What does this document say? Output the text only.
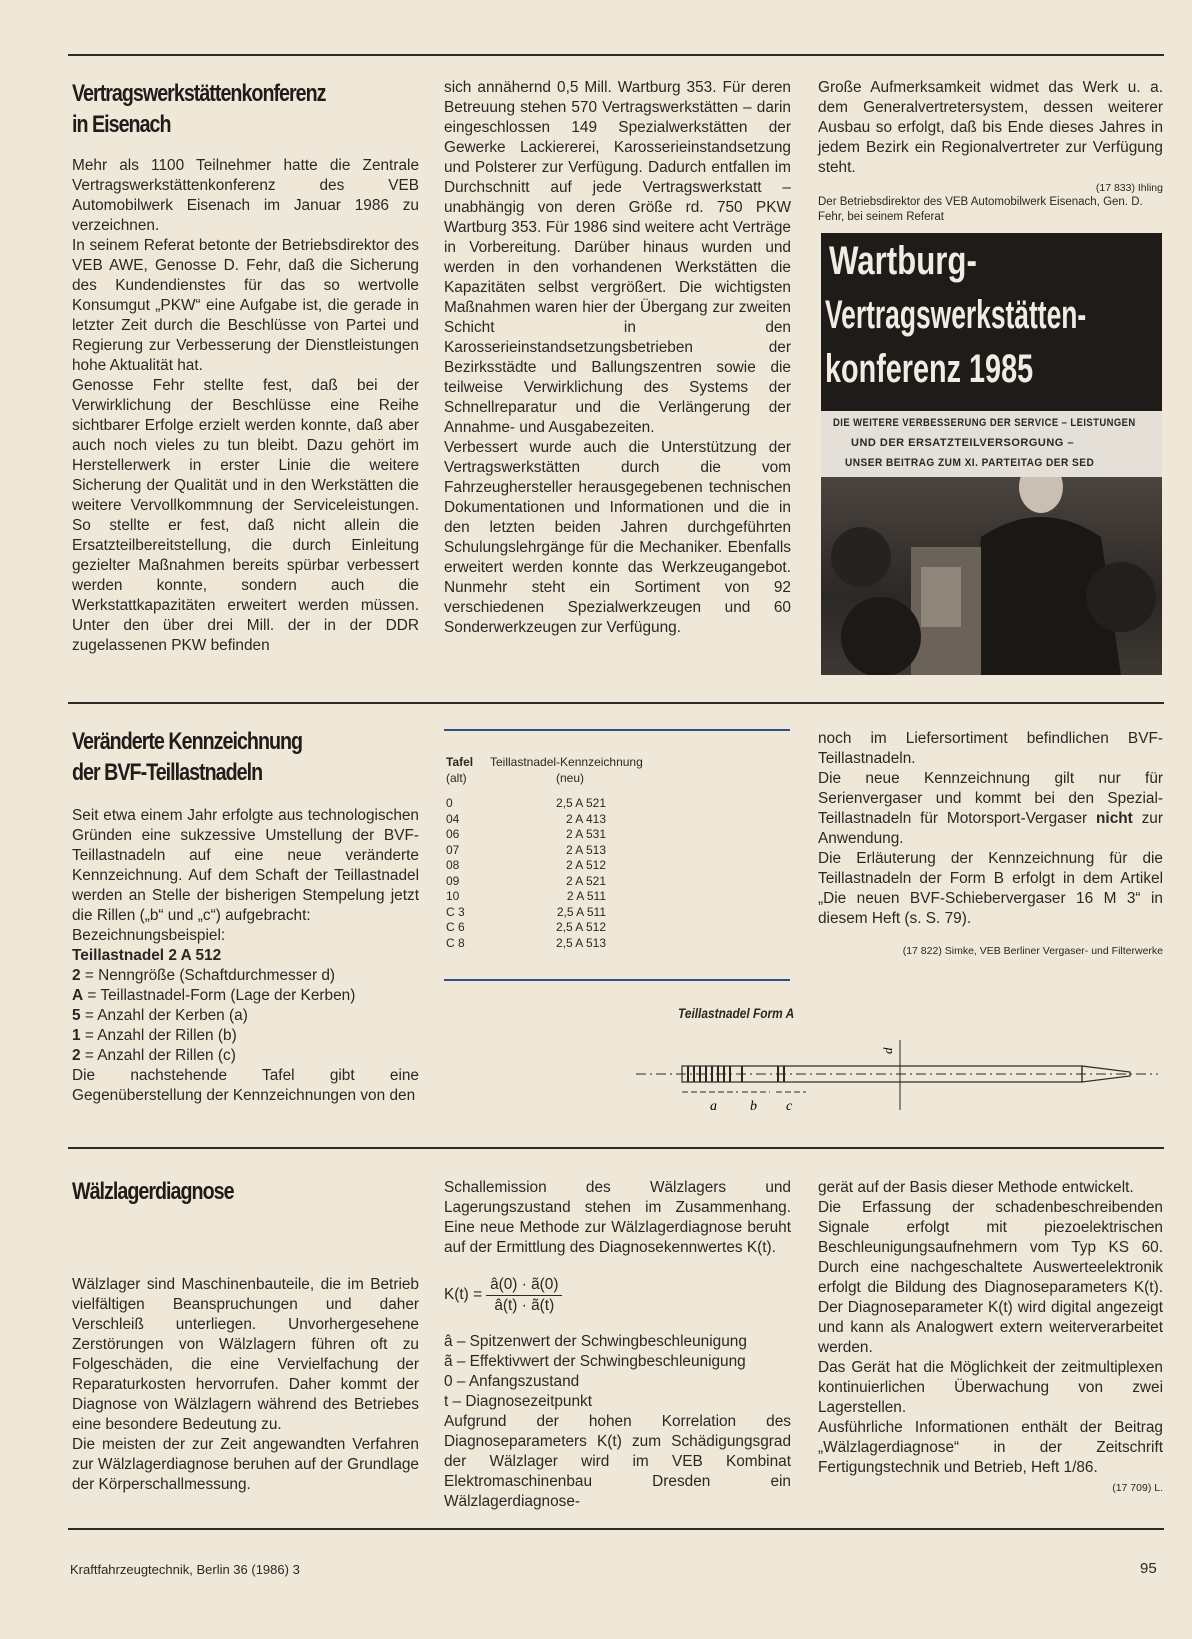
Vertragswerkstättenkonferenz
in Eisenach

Mehr als 1100 Teilnehmer hatte die Zentrale Vertragswerkstättenkonferenz des VEB Automobilwerk Eisenach im Januar 1986 zu verzeichnen.

In seinem Referat betonte der Betriebsdirektor des VEB AWE, Genosse D. Fehr, daß die Sicherung des Kundendienstes für das so wertvolle Konsumgut „PKW“ eine Aufgabe ist, die gerade in letzter Zeit durch die Beschlüsse von Partei und Regierung zur Verbesserung der Dienstleistungen hohe Aktualität hat.

Genosse Fehr stellte fest, daß bei der Verwirklichung der Beschlüsse eine Reihe sichtbarer Erfolge erzielt werden konnte, daß aber auch noch vieles zu tun bleibt. Dazu gehört im Herstellerwerk in erster Linie die weitere Sicherung der Qualität und in den Werkstätten die weitere Vervollkommnung der Serviceleistungen. So stellte er fest, daß nicht allein die Ersatzteilbereitstellung, die durch Einleitung gezielter Maßnahmen bereits spürbar verbessert werden konnte, sondern auch die Werkstattkapazitäten erweitert werden müssen. Unter den über drei Mill. der in der DDR zugelassenen PKW befinden

sich annähernd 0,5 Mill. Wartburg 353. Für deren Betreuung stehen 570 Vertragswerkstätten – darin eingeschlossen 149 Spezialwerkstätten der Gewerke Lackiererei, Karosserieinstandsetzung und Polsterer zur Verfügung. Dadurch entfallen im Durchschnitt auf jede Vertragswerkstatt – unabhängig von deren Größe rd. 750 PKW Wartburg 353. Für 1986 sind weitere acht Verträge in Vorbereitung. Darüber hinaus wurden und werden in den vorhandenen Werkstätten die Kapazitäten selbst vergrößert. Die wichtigsten Maßnahmen waren hier der Übergang zur zweiten Schicht in den Karosserieinstandsetzungsbetrieben der Bezirksstädte und Ballungszentren sowie die teilweise Verwirklichung des Systems der Schnellreparatur und die Verlängerung der Annahme- und Ausgabezeiten.

Verbessert wurde auch die Unterstützung der Vertragswerkstätten durch die vom Fahrzeughersteller herausgegebenen technischen Dokumentationen und Informationen und die in den letzten beiden Jahren durchgeführten Schulungslehrgänge für die Mechaniker. Ebenfalls erweitert werden konnte das Werkzeugangebot. Nunmehr steht ein Sortiment von 92 verschiedenen Spezialwerkzeugen und 60 Sonderwerkzeugen zur Verfügung.

Große Aufmerksamkeit widmet das Werk u. a. dem Generalvertretersystem, dessen weiterer Ausbau so erfolgt, daß bis Ende dieses Jahres in jedem Bezirk ein Regionalvertreter zur Verfügung steht.

(17 833) Ihling
Der Betriebsdirektor des VEB Automobilwerk Eisenach, Gen. D. Fehr, bei seinem Referat
Wartburg-
Vertragswerkstätten-
konferenz 1985
DIE WEITERE VERBESSERUNG DER SERVICE – LEISTUNGEN
UND DER ERSATZTEILVERSORGUNG –
UNSER BEITRAG ZUM XI. PARTEITAG DER SED
Veränderte Kennzeichnung
der BVF-Teillastnadeln

Seit etwa einem Jahr erfolgte aus technologischen Gründen eine sukzessive Umstellung der BVF-Teillastnadeln auf eine neue veränderte Kennzeichnung. Auf dem Schaft der Teillastnadel werden an Stelle der bisherigen Stempelung jetzt die Rillen („b“ und „c“) aufgebracht:

Bezeichnungsbeispiel:

Teillastnadel 2 A 512

2 = Nenngröße (Schaftdurchmesser d)
A = Teillastnadel-Form (Lage der Kerben)
5 = Anzahl der Kerben (a)
1 = Anzahl der Rillen (b)
2 = Anzahl der Rillen (c)

Die nachstehende Tafel gibt eine Gegenüberstellung der Kennzeichnungen von den

Tafel	Teillastnadel-Kennzeichnung
(alt)	(neu)

0	2,5 A 521
04	2 A 413
06	2 A 531
07	2 A 513
08	2 A 512
09	2 A 521
10	2 A 511
C 3	2,5 A 511
C 6	2,5 A 512
C 8	2,5 A 513

noch im Liefersortiment befindlichen BVF-Teillastnadeln.

Die neue Kennzeichnung gilt nur für Serienvergaser und kommt bei den Spezial-Teillastnadeln für Motorsport-Vergaser nicht zur Anwendung.

Die Erläuterung der Kennzeichnung für die Teillastnadeln der Form B erfolgt in dem Artikel „Die neuen BVF-Schiebervergaser 16 M 3“ in diesem Heft (s. S. 79).

(17 822) Simke, VEB Berliner Vergaser- und Filterwerke
Teillastnadel Form A
d
a b c
Wälzlagerdiagnose

Wälzlager sind Maschinenbauteile, die im Betrieb vielfältigen Beanspruchungen und daher Verschleiß unterliegen. Unvorhergesehene Zerstörungen von Wälzlagern führen oft zu Folgeschäden, die eine Vervielfachung der Reparaturkosten hervorrufen. Daher kommt der Diagnose von Wälzlagern während des Betriebes eine besondere Bedeutung zu.

Die meisten der zur Zeit angewandten Verfahren zur Wälzlagerdiagnose beruhen auf der Grundlage der Körperschallmessung.

Schallemission des Wälzlagers und Lagerungszustand stehen im Zusammenhang. Eine neue Methode zur Wälzlagerdiagnose beruht auf der Ermittlung des Diagnosekennwertes K(t).

$K(t) = \frac{â(0) \cdot ã(0)}{â(t) \cdot ã(t)}$
â – Spitzenwert der Schwingbeschleunigung
ã – Effektivwert der Schwingbeschleunigung
0 – Anfangszustand
t – Diagnosezeitpunkt

Aufgrund der hohen Korrelation des Diagnoseparameters K(t) zum Schädigungsgrad der Wälzlager wird im VEB Kombinat Elektromaschinenbau Dresden ein Wälzlagerdiagnose-

gerät auf der Basis dieser Methode entwickelt.

Die Erfassung der schadenbeschreibenden Signale erfolgt mit piezoelektrischen Beschleunigungsaufnehmern vom Typ KS 60. Durch eine nachgeschaltete Auswerteelektronik erfolgt die Bildung des Diagnoseparameters K(t). Der Diagnoseparameter K(t) wird digital angezeigt und kann als Analogwert extern weiterverarbeitet werden.

Das Gerät hat die Möglichkeit der zeitmultiplexen kontinuierlichen Überwachung von zwei Lagerstellen.

Ausführliche Informationen enthält der Beitrag „Wälzlagerdiagnose“ in der Zeitschrift Fertigungstechnik und Betrieb, Heft 1/86.

(17 709) L.
Kraftfahrzeugtechnik, Berlin 36 (1986) 3	95
